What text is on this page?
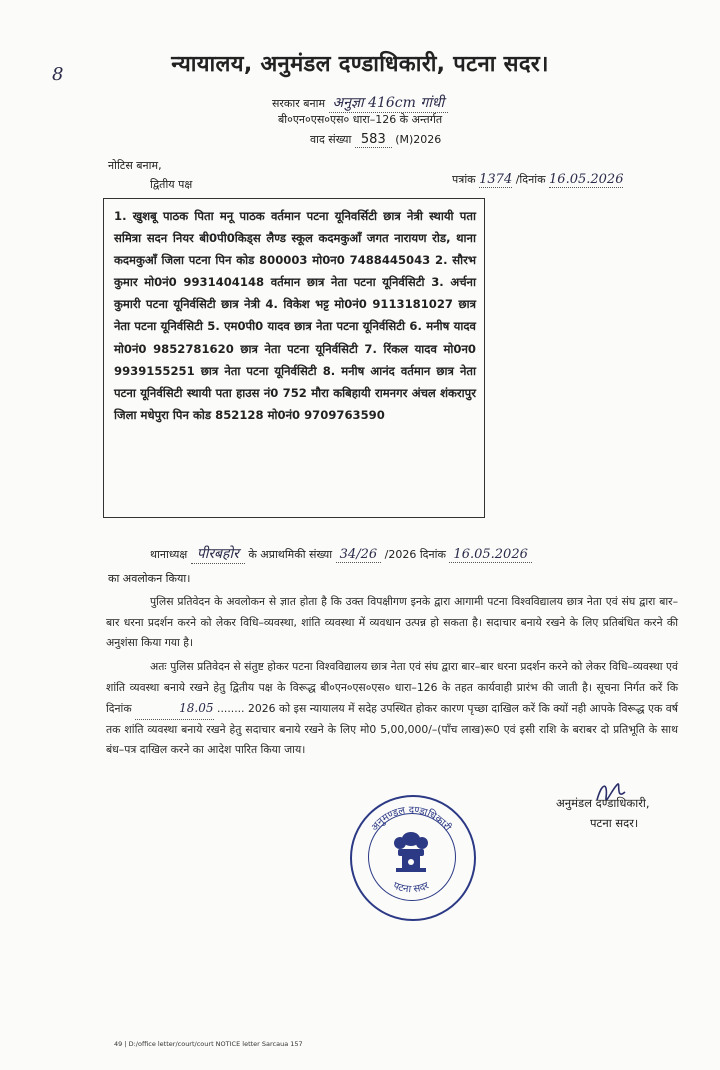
8	न्यायालय, अनुमंडल दण्डाधिकारी, पटना सदर।
सरकार बनाम अनुज्ञा 416cm गांधी
बी०एन०एस०एस० धारा–126 के अन्तर्गत
वाद संख्या 583 (M)2026
नोटिस बनाम,
द्वितीय पक्ष	पत्रांक 1374 /दिनांक 16.05.2026

1. खुशबू पाठक पिता मनू पाठक वर्तमान पटना यूनिवर्सिटी छात्र नेत्री स्थायी पता समित्रा सदन नियर बी0पी0किड्स लैण्ड स्कूल कदमकुआँ जगत नारायण रोड, थाना कदमकुआँ जिला पटना पिन कोड 800003 मो0न0 7488445043 2. सौरभ कुमार मो0नं0 9931404148 वर्तमान छात्र नेता पटना यूनिर्वसिटी 3. अर्चना कुमारी पटना यूनिर्वसिटी छात्र नेत्री 4. विकेश भट्ट मो0नं0 9113181027 छात्र नेता पटना यूनिर्वसिटी 5. एम0पी0 यादव छात्र नेता पटना यूनिर्वसिटी 6. मनीष यादव मो0नं0 9852781620 छात्र नेता पटना यूनिर्वसिटी 7. रिंकल यादव मो0न0 9939155251 छात्र नेता पटना यूनिर्वसिटी 8. मनीष आनंद वर्तमान छात्र नेता पटना यूनिर्वसिटी स्थायी पता हाउस नं0 752 मौरा कबिहायी रामनगर अंचल शंकरापुर जिला मधेपुरा पिन कोड 852128 मो0नं0 9709763590

थानाध्यक्ष पीरबहोर के अप्राथमिकी संख्या 34/26 /2026 दिनांक 16.05.2026
का अवलोकन किया।

पुलिस प्रतिवेदन के अवलोकन से ज्ञात होता है कि उक्त विपक्षीगण इनके द्वारा आगामी पटना विश्वविद्यालय छात्र नेता एवं संघ द्वारा बार–बार धरना प्रदर्शन करने को लेकर विधि–व्यवस्था, शांति व्यवस्था में व्यवधान उत्पन्न हो सकता है। सदाचार बनाये रखने के लिए प्रतिबंधित करने की अनुशंसा किया गया है।

अतः पुलिस प्रतिवेदन से संतुष्ट होकर पटना विश्वविद्यालय छात्र नेता एवं संघ द्वारा बार–बार धरना प्रदर्शन करने को लेकर विधि–व्यवस्था एवं शांति व्यवस्था बनाये रखने हेतु द्वितीय पक्ष के विरूद्ध बी०एन०एस०एस० धारा–126 के तहत कार्यवाही प्रारंभ की जाती है। सूचना निर्गत करें कि दिनांक	18.05 ........ 2026 को इस न्यायालय में सदेह उपस्थित होकर कारण पृच्छा दाखिल करें कि क्यों नही आपके विरूद्ध एक वर्ष तक शांति व्यवस्था बनाये रखने हेतु सदाचार बनाये रखने के लिए मो0 5,00,000/–(पाँच लाख)रू0 एवं इसी राशि के बराबर दो प्रतिभूति के साथ बंध–पत्र दाखिल करने का आदेश पारित किया जाय।

अनुमंडल दण्डाधिकारी,
पटना सदर।
अनुमण्डल दण्डाधिकारी
पटना सदर
49 | D:/office letter/court/court NOTICE letter Sarcaua 157
